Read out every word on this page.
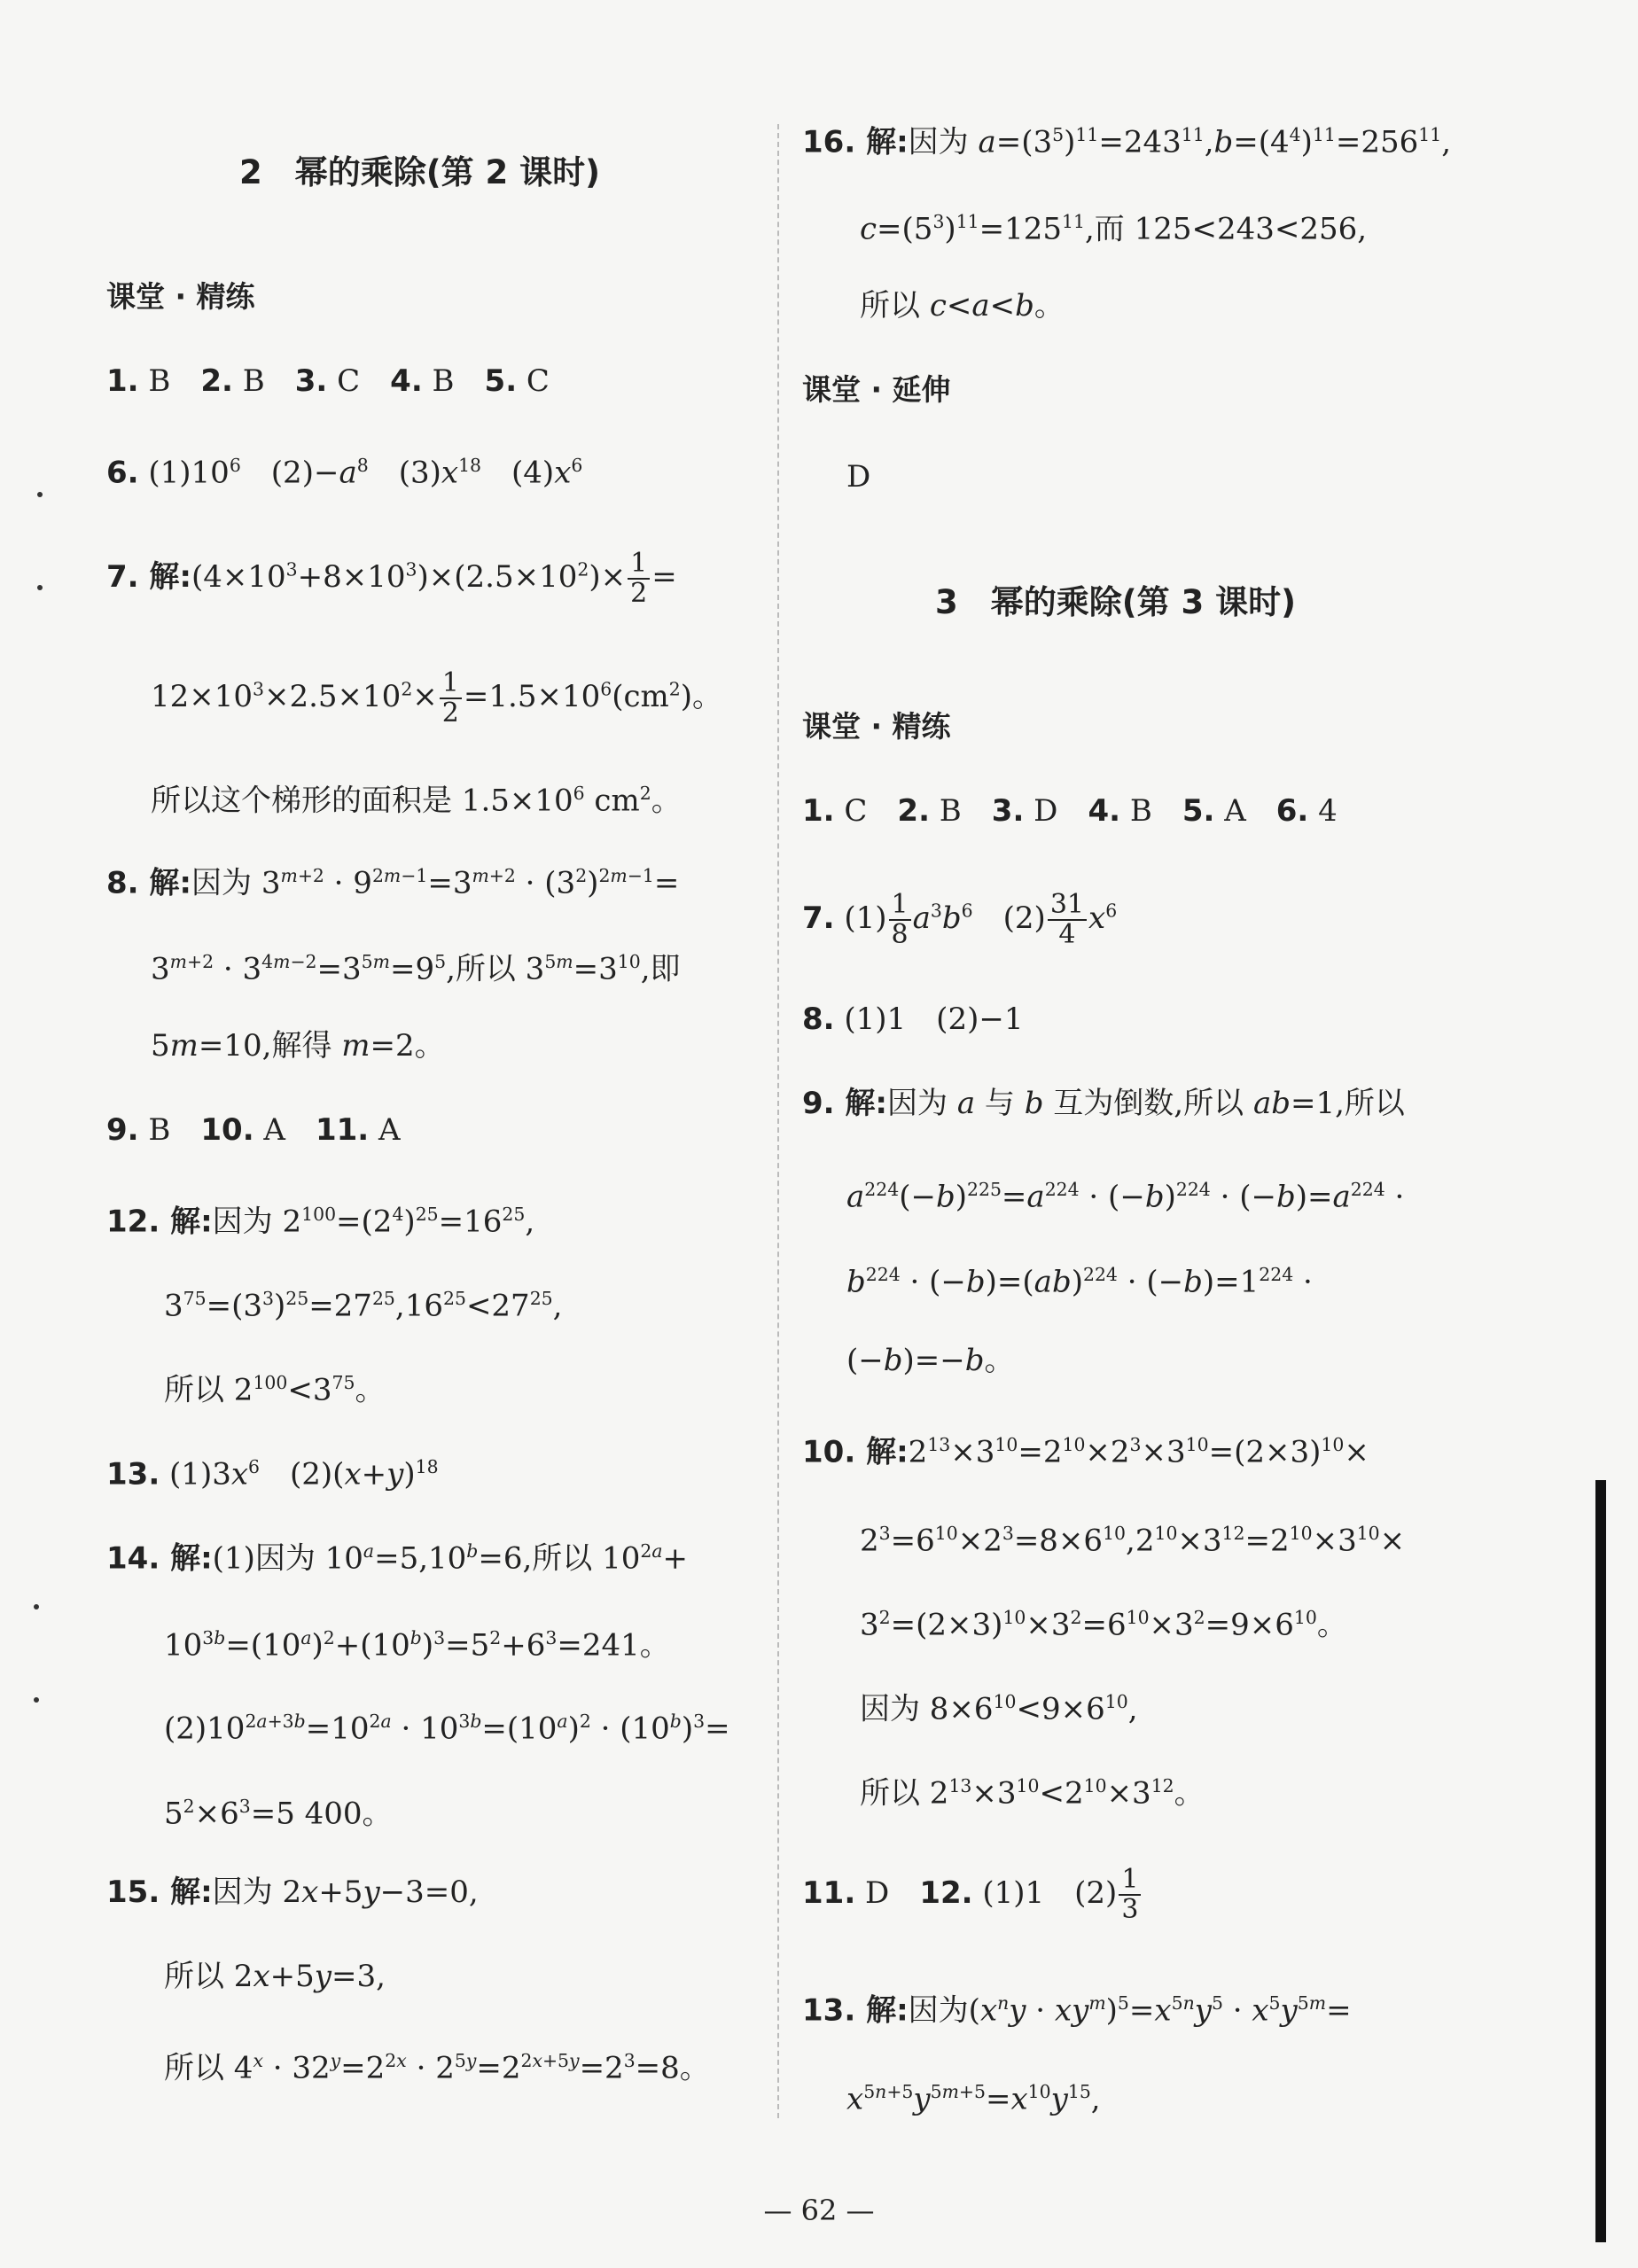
2　幂的乘除(第 2 课时)
课堂 · 精练
1. B　2. B　3. C　4. B　5. C
6. $(1)10^6$　$(2)-a^8$　$(3)x^{18}$　$(4)x^6$
7. 解$:(4\times 10^3+8\times 10^3)\times(2.5\times 10^2)\times \frac{1}{2}$ =
$12\times 10^3\times 2.5\times 10^2\times \frac{1}{2} =1.5\times 10^6(cm^2)$。
所以这个梯形的面积是 $1.5\times 10^6$ $cm^2$。
8. 解:因为 $3^{m+2} \cdot 9^{2m-1}=3^{m+2} \cdot (3^2)^{2m-1}=$
$3^{m+2} \cdot 3^{4m-2}=3^{5m}=9^5$,所以 $3^{5m}=3^{10}$,即
5m=10,解得 m=2。
9. B　10. A　11. A
12. 解:因为 $2^{100}=(2^4)^{25}=16^{25}$,
$3^{75}=(3^3)^{25}=27^{25},16^{25}<27^{25}$,
所以 $2^{100}<3^{75}$。
13. $(1)3x^6$　$(2)(x+y)^{18}$
14. 解:(1)因为 $10^a=5,10^b=6$,所以 $10^{2a}+$
$10^{3b}=(10^a)^2+(10^b)^3=5^2+6^3=241$。
$(2)10^{2a+3b}=10^{2a} \cdot 10^{3b}=(10^a)^2 \cdot (10^b)^3=$
$5^2\times 6^3=5$ 400。
15. 解:因为 2x+5y−3=0,
所以 2x+5y=3,
所以 $4^x \cdot 32^y=2^{2x} \cdot 2^{5y}=2^{2x+5y}=2^3=8$。
16. 解:因为 $a=(3^5)^{11}=243^{11},b=(4^4)^{11}=256^{11}$,
$c=(5^3)^{11}=125^{11}$,而 125<243<256,
所以 c<a<b。
课堂 · 延伸
D
3　幂的乘除(第 3 课时)
课堂 · 精练
1. C　2. B　3. D　4. B　5. A　6. 4
7. $(1) \frac{1}{8} a^3b^6$　$(2) \frac{31}{4} x^6$
8. (1)1　(2)−1
9. 解:因为 a 与 b 互为倒数,所以 ab=1,所以
$a^{224}(-b)^{225}=a^{224} \cdot (-b)^{224} \cdot (-b)=a^{224}$ ·
$b^{224} \cdot (-b)=(ab)^{224} \cdot (-b)=1^{224}$ ·
(−b)=−b。
10. 解$:2^{13}\times 3^{10}=2^{10}\times 2^3\times 3^{10}=(2\times 3)^{10}\times$
$2^3=6^{10}\times 2^3=8\times 6^{10},2^{10}\times 3^{12}=2^{10}\times 3^{10}\times$
$3^2=(2\times 3)^{10}\times 3^2=6^{10}\times 3^2=9\times 6^{10}$。
因为 $8\times 6^{10}<9\times 6^{10}$,
所以 $2^{13}\times 3^{10}<2^{10}\times 3^{12}$。
11. D　12. (1)1　$(2) \frac{1}{3}$
13. 解:因为$(x^ny \cdot xy^m)^5=x^{5n}y^5 \cdot x^5y^{5m}=$
$x^{5n+5}y^{5m+5}=x^{10}y^{15}$,
— 62 —
